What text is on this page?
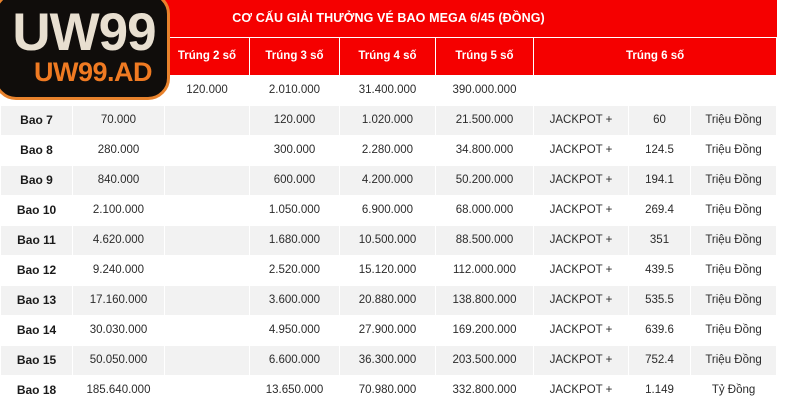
CƠ CẤU GIẢI THƯỞNG VÉ BAO MEGA 6/45 (ĐỒNG)								
		Trúng 2 số	Trúng 3 số	Trúng 4 số	Trúng 5 số	Trúng 6 số		
		120.000	2.010.000	31.400.000	390.000.000			
Bao 7	70.000		120.000	1.020.000	21.500.000	JACKPOT +	60	Triệu Đồng
Bao 8	280.000		300.000	2.280.000	34.800.000	JACKPOT +	124.5	Triệu Đồng
Bao 9	840.000		600.000	4.200.000	50.200.000	JACKPOT +	194.1	Triệu Đồng
Bao 10	2.100.000		1.050.000	6.900.000	68.000.000	JACKPOT +	269.4	Triệu Đồng
Bao 11	4.620.000		1.680.000	10.500.000	88.500.000	JACKPOT +	351	Triệu Đồng
Bao 12	9.240.000		2.520.000	15.120.000	112.000.000	JACKPOT +	439.5	Triệu Đồng
Bao 13	17.160.000		3.600.000	20.880.000	138.800.000	JACKPOT +	535.5	Triệu Đồng
Bao 14	30.030.000		4.950.000	27.900.000	169.200.000	JACKPOT +	639.6	Triệu Đồng
Bao 15	50.050.000		6.600.000	36.300.000	203.500.000	JACKPOT +	752.4	Triệu Đồng
Bao 18	185.640.000		13.650.000	70.980.000	332.800.000	JACKPOT +	1.149	Tỷ Đồng
UW99
UW99.AD
